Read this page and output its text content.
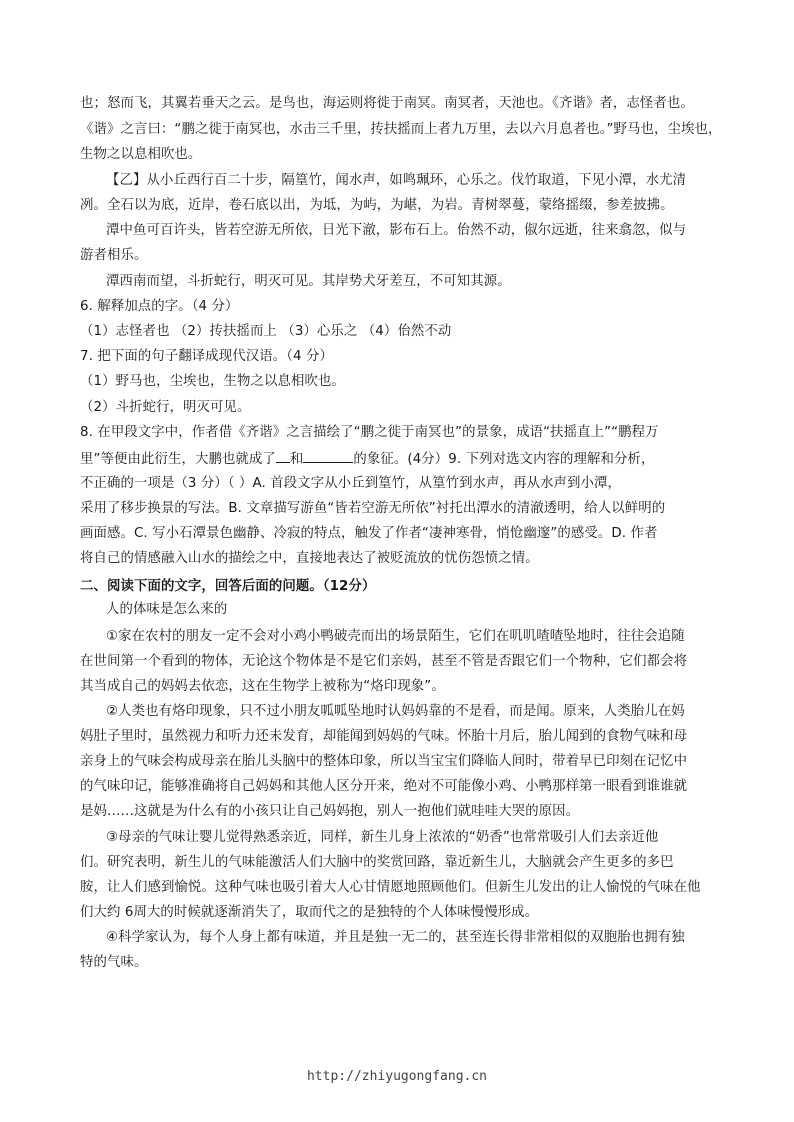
也；怒而飞，其翼若垂天之云。是鸟也，海运则将徙于南冥。南冥者，天池也。《齐谐》者，志怪者也。
《谐》之言曰：“鹏之徙于南冥也，水击三千里，抟扶摇而上者九万里，去以六月息者也。”野马也，尘埃也，
生物之以息相吹也。
【乙】从小丘西行百二十步，隔篁竹，闻水声，如鸣珮环，心乐之。伐竹取道，下见小潭，水尤清
冽。全石以为底，近岸，卷石底以出，为坻，为屿，为嵁，为岩。青树翠蔓，蒙络摇缀，参差披拂。
潭中鱼可百许头，皆若空游无所依，日光下澈，影布石上。佁然不动，俶尔远逝，往来翕忽，似与
游者相乐。
潭西南而望，斗折蛇行，明灭可见。其岸势犬牙差互，不可知其源。
6. 解释加点的字。（4 分）
（1）志怪者也 （2）抟扶摇而上 （3）心乐之 （4）佁然不动
7. 把下面的句子翻译成现代汉语。（4 分）
（1）野马也，尘埃也，生物之以息相吹也。
（2）斗折蛇行，明灭可见。
8. 在甲段文字中，作者借《齐谐》之言描绘了“鹏之徙于南冥也”的景象，成语“扶摇直上”“鹏程万
里”等便由此衍生，大鹏也就成了 和	的象征。(4分）9. 下列对选文内容的理解和分析，
不正确的一项是（3 分）（ ）A. 首段文字从小丘到篁竹，从篁竹到水声，再从水声到小潭，
采用了移步换景的写法。B. 文章描写游鱼“皆若空游无所依”衬托出潭水的清澈透明，给人以鲜明的
画面感。C. 写小石潭景色幽静、冷寂的特点，触发了作者“凄神寒骨，悄怆幽邃”的感受。D. 作者
将自己的情感融入山水的描绘之中，直接地表达了被贬流放的忧伤怨愤之情。
二、阅读下面的文字，回答后面的问题。（12分）
人的体味是怎么来的
①家在农村的朋友一定不会对小鸡小鸭破壳而出的场景陌生，它们在叽叽喳喳坠地时，往往会追随
在世间第一个看到的物体，无论这个物体是不是它们亲妈，甚至不管是否跟它们一个物种，它们都会将
其当成自己的妈妈去依恋，这在生物学上被称为“烙印现象”。
②人类也有烙印现象，只不过小朋友呱呱坠地时认妈妈靠的不是看，而是闻。原来，人类胎儿在妈
妈肚子里时，虽然视力和听力还未发育，却能闻到妈妈的气味。怀胎十月后，胎儿闻到的食物气味和母
亲身上的气味会构成母亲在胎儿头脑中的整体印象，所以当宝宝们降临人间时，带着早已印刻在记忆中
的气味印记，能够准确将自己妈妈和其他人区分开来，绝对不可能像小鸡、小鸭那样第一眼看到谁谁就
是妈……这就是为什么有的小孩只让自己妈妈抱，别人一抱他们就哇哇大哭的原因。
③母亲的气味让婴儿觉得熟悉亲近，同样，新生儿身上浓浓的“奶香”也常常吸引人们去亲近他
们。研究表明，新生儿的气味能激活人们大脑中的奖赏回路，靠近新生儿，大脑就会产生更多的多巴
胺，让人们感到愉悦。这种气味也吸引着大人心甘情愿地照顾他们。但新生儿发出的让人愉悦的气味在他
们大约 6周大的时候就逐渐消失了，取而代之的是独特的个人体味慢慢形成。
④科学家认为，每个人身上都有味道，并且是独一无二的，甚至连长得非常相似的双胞胎也拥有独
特的气味。
http://zhiyugongfang.cn
